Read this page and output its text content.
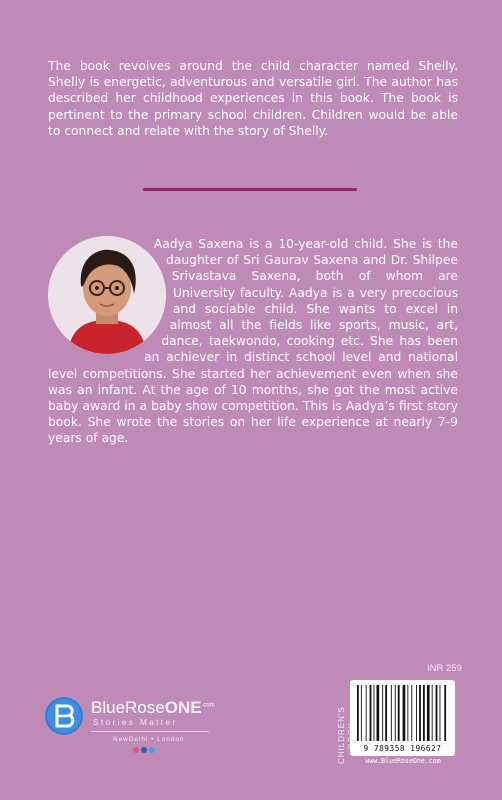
The book revolves around the child character named Shelly. Shelly is energetic, adventurous and versatile girl. The author has described her childhood experiences in this book. The book is pertinent to the primary school children. Children would be able to connect and relate with the story of Shelly.

Aadya Saxena is a 10-year-old child. She is the daughter of Sri Gaurav Saxena and Dr. Shilpee Srivastava Saxena, both of whom are University faculty. Aadya is a very precocious and sociable child. She wants to excel in almost all the fields like sports, music, art, dance, taekwondo, cooking etc. She has been an achiever in distinct school level and national level competitions. She started her achievement even when she was an infant. At the age of 10 months, she got the most active baby award in a baby show competition. This is Aadya’s first story book. She wrote the stories on her life experience at nearly 7-9 years of age.
BlueRoseONE$^{.com}$
Stories Matter
NewDelhi • London
INR 259
CHILDREN'S	9 789358 196627
www.BlueRoseOne.com
